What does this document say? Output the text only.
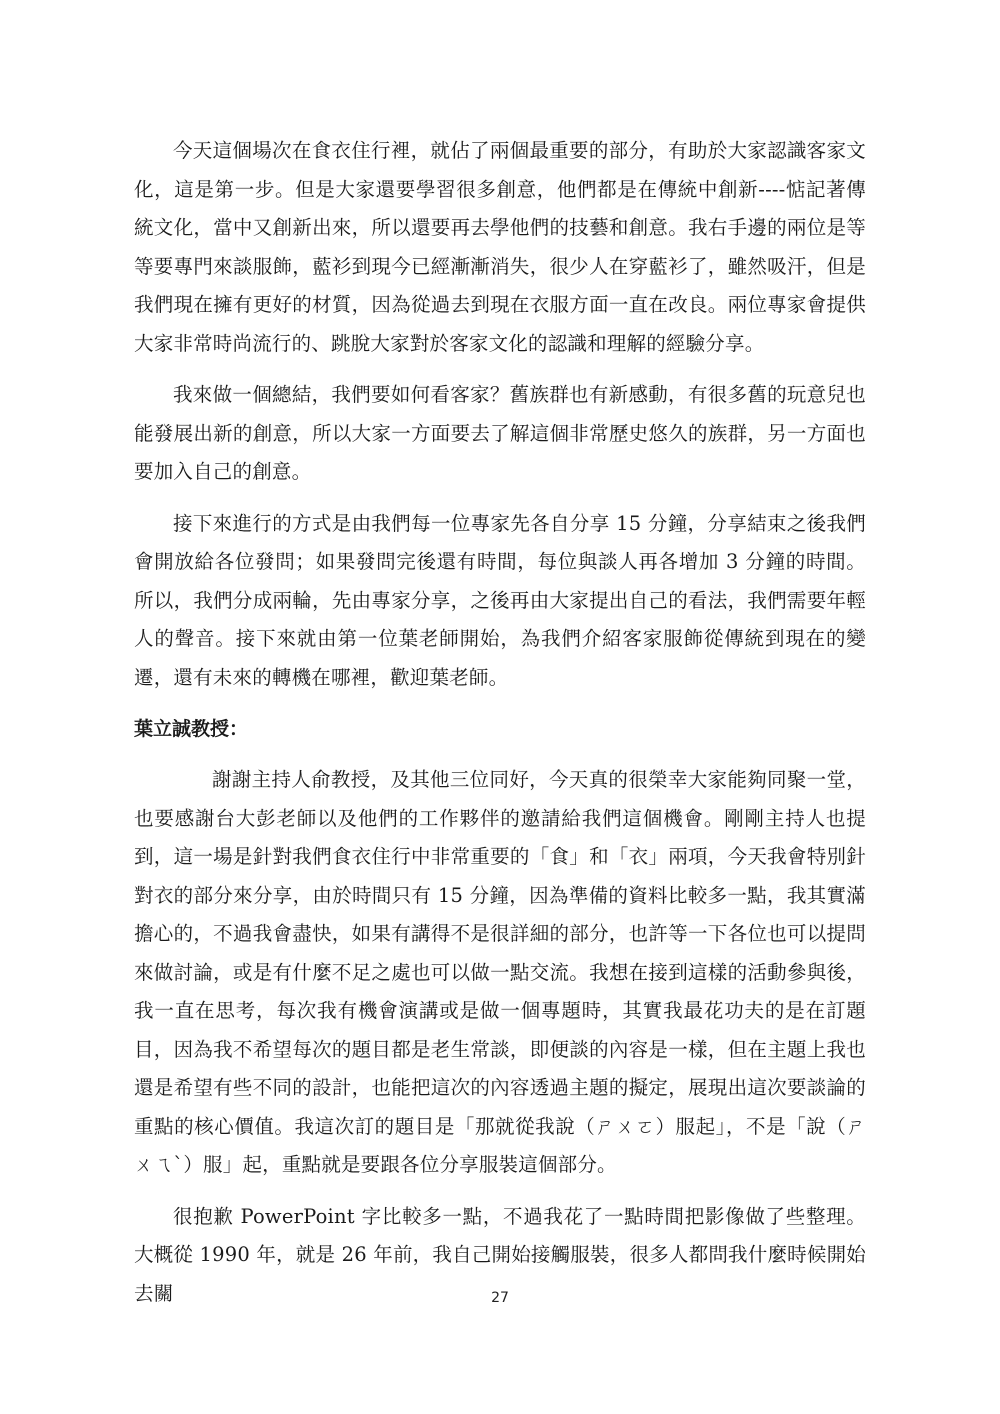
今天這個場次在食衣住行裡，就佔了兩個最重要的部分，有助於大家認識客家文化，這是第一步。但是大家還要學習很多創意，他們都是在傳統中創新----惦記著傳統文化，當中又創新出來，所以還要再去學他們的技藝和創意。我右手邊的兩位是等等要專門來談服飾，藍衫到現今已經漸漸消失，很少人在穿藍衫了，雖然吸汗，但是我們現在擁有更好的材質，因為從過去到現在衣服方面一直在改良。兩位專家會提供大家非常時尚流行的、跳脫大家對於客家文化的認識和理解的經驗分享。

我來做一個總結，我們要如何看客家？舊族群也有新感動，有很多舊的玩意兒也能發展出新的創意，所以大家一方面要去了解這個非常歷史悠久的族群，另一方面也要加入自己的創意。

接下來進行的方式是由我們每一位專家先各自分享 15 分鐘，分享結束之後我們會開放給各位發問；如果發問完後還有時間，每位與談人再各增加 3 分鐘的時間。所以，我們分成兩輪，先由專家分享，之後再由大家提出自己的看法，我們需要年輕人的聲音。接下來就由第一位葉老師開始，為我們介紹客家服飾從傳統到現在的變遷，還有未來的轉機在哪裡，歡迎葉老師。

葉立誠教授：

謝謝主持人俞教授，及其他三位同好，今天真的很榮幸大家能夠同聚一堂，也要感謝台大彭老師以及他們的工作夥伴的邀請給我們這個機會。剛剛主持人也提到，這一場是針對我們食衣住行中非常重要的「食」和「衣」兩項，今天我會特別針對衣的部分來分享，由於時間只有 15 分鐘，因為準備的資料比較多一點，我其實滿擔心的，不過我會盡快，如果有講得不是很詳細的部分，也許等一下各位也可以提問來做討論，或是有什麼不足之處也可以做一點交流。我想在接到這樣的活動參與後，我一直在思考，每次我有機會演講或是做一個專題時，其實我最花功夫的是在訂題目，因為我不希望每次的題目都是老生常談，即便談的內容是一樣，但在主題上我也還是希望有些不同的設計，也能把這次的內容透過主題的擬定，展現出這次要談論的重點的核心價值。我這次訂的題目是「那就從我說（ㄕㄨㄛ）服起」，不是「說（ㄕㄨㄟˋ）服」起，重點就是要跟各位分享服裝這個部分。

很抱歉 PowerPoint 字比較多一點，不過我花了一點時間把影像做了些整理。大概從 1990 年，就是 26 年前，我自己開始接觸服裝，很多人都問我什麼時候開始去關	27
